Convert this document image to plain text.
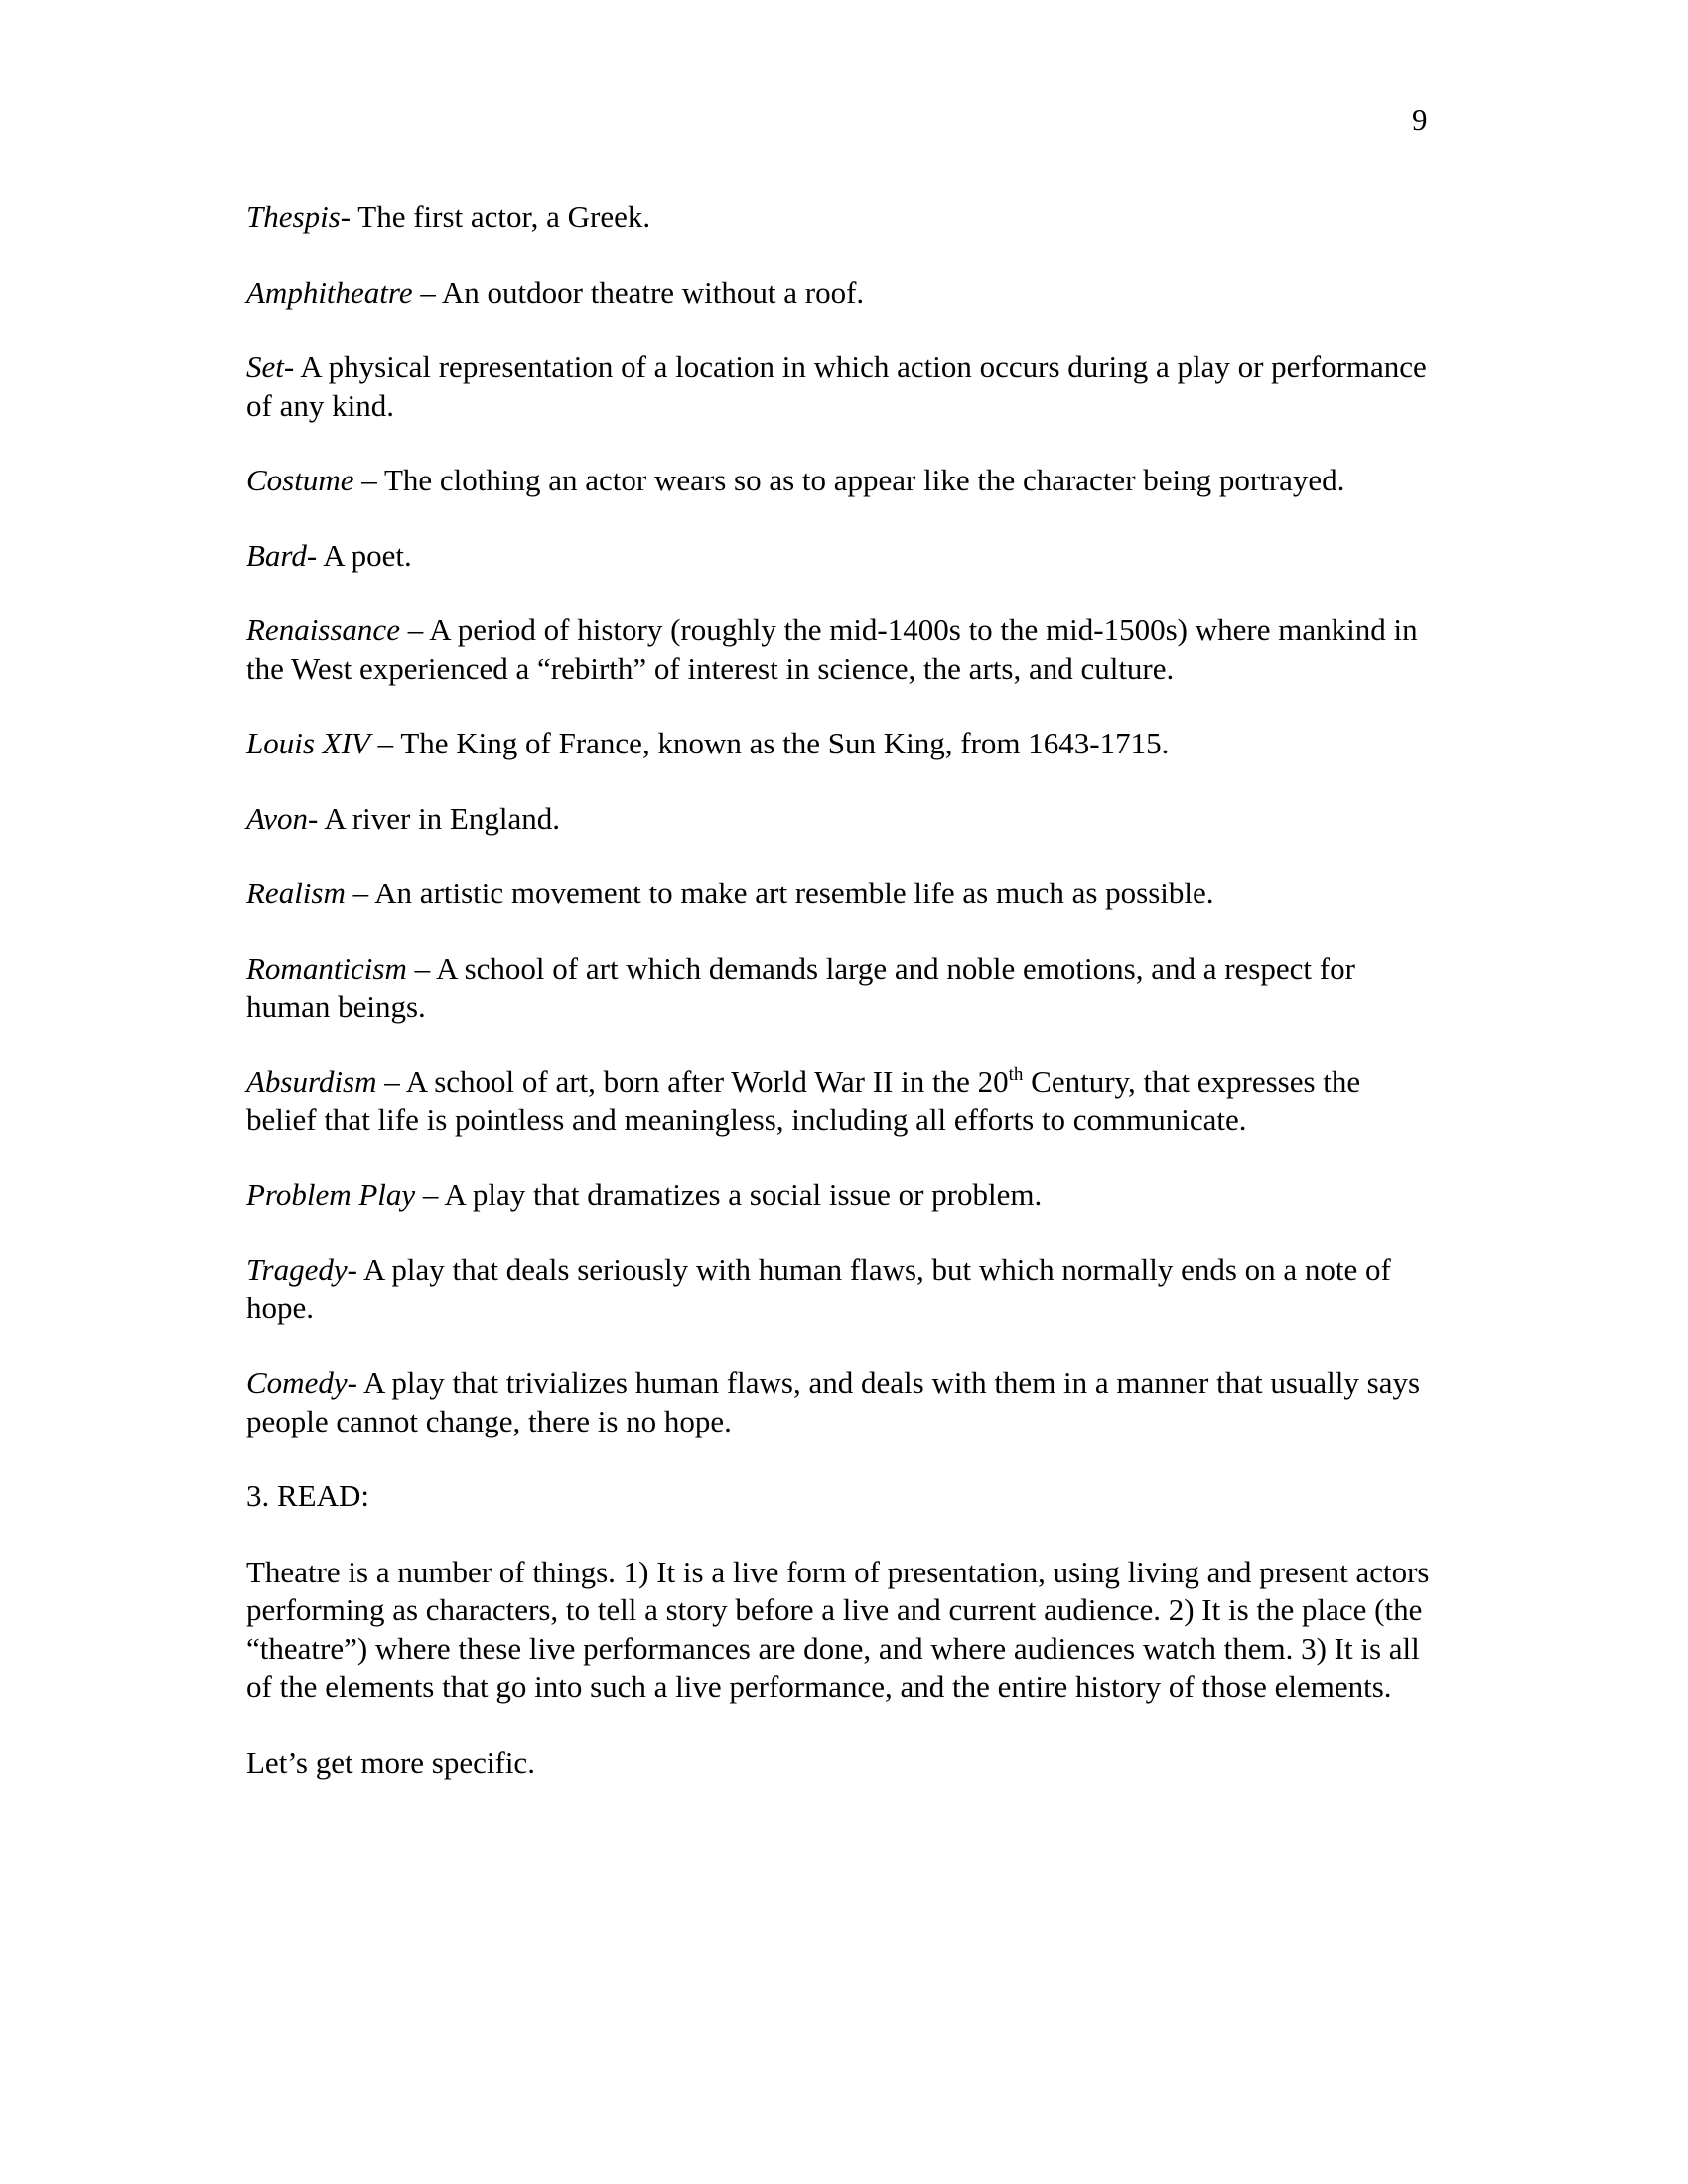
9

Thespis- The first actor, a Greek.

Amphitheatre – An outdoor theatre without a roof.

Set- A physical representation of a location in which action occurs during a play or performance of any kind.

Costume – The clothing an actor wears so as to appear like the character being portrayed.

Bard- A poet.

Renaissance – A period of history (roughly the mid-1400s to the mid-1500s) where mankind in the West experienced a “rebirth” of interest in science, the arts, and culture.

Louis XIV – The King of France, known as the Sun King, from 1643-1715.

Avon- A river in England.

Realism – An artistic movement to make art resemble life as much as possible.

Romanticism – A school of art which demands large and noble emotions, and a respect for human beings.

Absurdism – A school of art, born after World War II in the 20th Century, that expresses the belief that life is pointless and meaningless, including all efforts to communicate.

Problem Play – A play that dramatizes a social issue or problem.

Tragedy- A play that deals seriously with human flaws, but which normally ends on a note of hope.

Comedy- A play that trivializes human flaws, and deals with them in a manner that usually says people cannot change, there is no hope.

3. READ:

Theatre is a number of things. 1) It is a live form of presentation, using living and present actors performing as characters, to tell a story before a live and current audience. 2) It is the place (the “theatre”) where these live performances are done, and where audiences watch them. 3) It is all of the elements that go into such a live performance, and the entire history of those elements.

Let’s get more specific.
